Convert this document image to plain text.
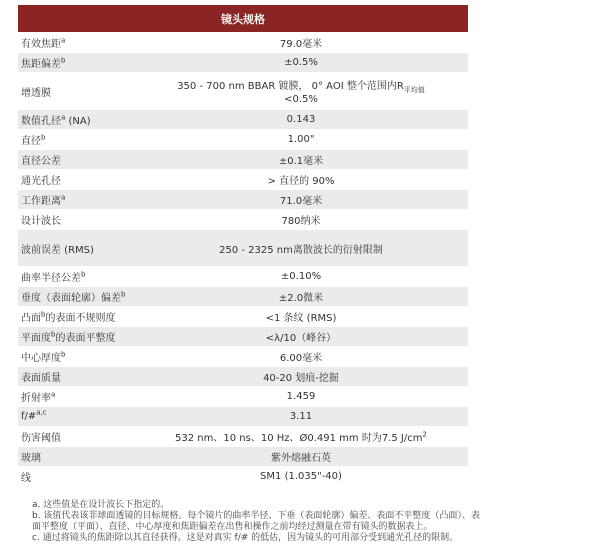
镜头规格	
有效焦距$^a$	79.0毫米
焦距偏差$^b$	±0.5%
增透膜	350 - 700 nm BBAR 镀膜， 0° AOI 整个范围内$R_{平均值}$
<0.5%

数值孔径$^a$ (NA)	0.143
直径$^b$	1.00"
直径公差	±0.1毫米
通光孔径	> 直径的 90%
工作距离$^a$	71.0毫米
设计波长	780纳米
波前误差 (RMS)	250 - 2325 nm离散波长的衍射限制
曲率半径公差$^b$	±0.10%
垂度（表面轮廓）偏差$^b$	±2.0微米
凸面$^b$的表面不规则度	<1 条纹 (RMS)
平面度$^b$的表面平整度	<λ/10（峰谷）
中心厚度$^b$	6.00毫米
表面质量	40-20 划痕-挖掘
折射率$^a$	1.459
f/#$^{a,c}$	3.11
伤害阈值	532 nm、10 ns、10 Hz、Ø0.491 mm 时为7.5 $J/cm^2$
玻璃	紫外熔融石英
线	SM1 (1.035"-40)
a. 这些值是在设计波长下指定的。
b. 该值代表该非球面透镜的目标规格。每个镜片的曲率半径、下垂（表面轮廓）偏差、表面不平整度（凸面）、表
面平整度（平面）、直径、中心厚度和焦距偏差在出售和操作之前均经过测量在带有镜头的数据表上。
c. 通过将镜头的焦距除以其直径获得。这是对真实 f/# 的低估，因为镜头的可用部分受到通光孔径的限制。
